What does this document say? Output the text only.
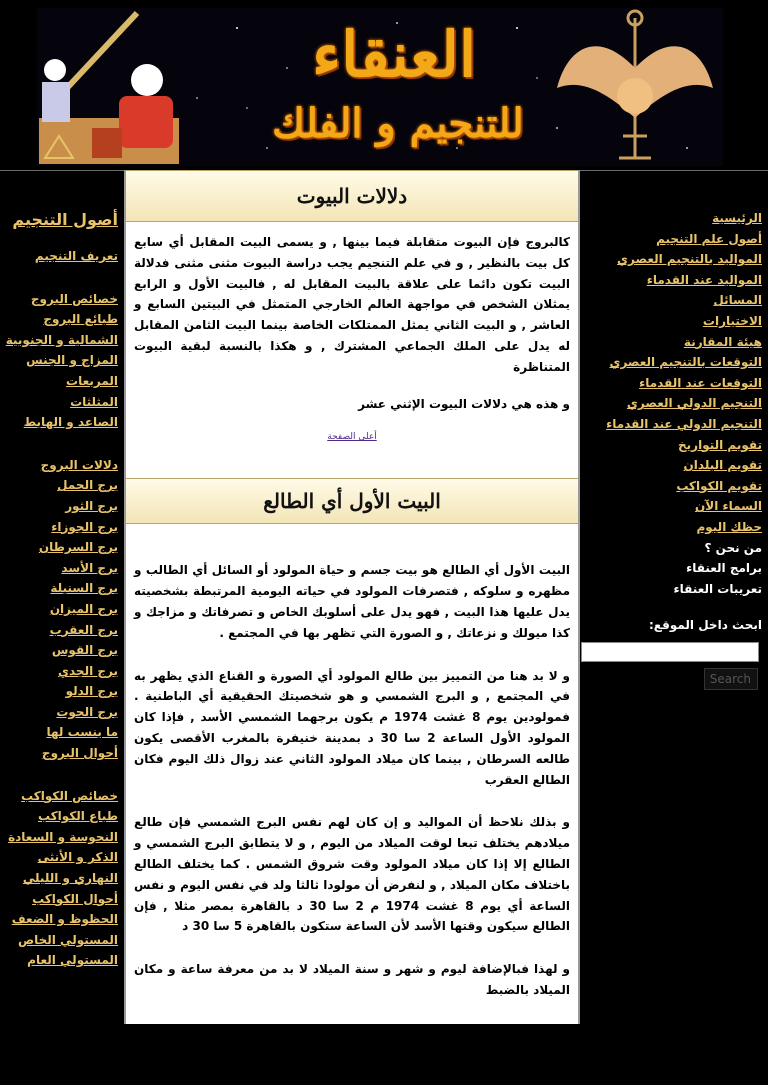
العنقاء
للتنجيم و الفلك
أصول التنجيم
تعريف التنجيم
خصائص البروج
طبائع البروج
الشمالية و الجنوبية
المزاج و الجنس
المربعات
المثلثات
الصاعد و الهابط
دلالات البروج
برج الحمل
برج الثور
برج الجوزاء
برج السرطان
برج الأسد
برج السنبلة
برج الميزان
برج العقرب
برج القوس
برج الجدي
برج الدلو
برج الحوت
ما ينسب لها
أحوال البروج
خصائص الكواكب
طباع الكواكب
النحوسة و السعادة
الذكر و الأنثى
النهاري و الليلي
أحوال الكواكب
الحظوظ و الضعف
المستولي الخاص
المستولي العام
الرئيسية
أصول علم التنجيم
المواليد بالتنجيم العصري
المواليد عند القدماء
المسائل
الاختيارات
هيئة المقارنة
التوقعات بالتنجيم العصري
التوقعات عند القدماء
التنجيم الدولي العصري
التنجيم الدولي عند القدماء
تقويم التواريخ
تقويم البلدان
تقويم الكواكب
السماء الآن
حظك اليوم
من نحن ؟
برامج العنقاء
تعريبات العنقاء
ابحث داخل الموقع:
Search
دلالات البيوت

كالبروج فإن البيوت متقابلة فيما بينها , و يسمى البيت المقابل أي سابع كل بيت بالنظير , و في علم التنجيم يجب دراسة البيوت مثنى مثنى فدلالة البيت تكون دائما على علاقة بالبيت المقابل له , فالبيت الأول و الرابع يمثلان الشخص في مواجهة العالم الخارجي المتمثل في البيتين السابع و العاشر , و البيت الثاني يمثل الممتلكات الخاصة بينما البيت الثامن المقابل له يدل على الملك الجماعي المشترك , و هكذا بالنسبة لبقية البيوت المتناظرة

و هذه هي دلالات البيوت الإثني عشر

أعلى الصفحة
البيت الأول أي الطالع

البيت الأول أي الطالع هو بيت جسم و حياة المولود أو السائل أي الطالب و مظهره و سلوكه , فتصرفات المولود في حياته اليومية المرتبطة بشخصيته يدل عليها هذا البيت , فهو يدل على أسلوبك الخاص و تصرفاتك و مزاجك و كذا ميولك و نزعاتك , و الصورة التي تظهر بها في المجتمع .

و لا بد هنا من التمييز بين طالع المولود أي الصورة و القناع الذي يظهر به في المجتمع , و البرج الشمسي و هو شخصيتك الحقيقية أي الباطنية . فمولودين يوم 8 غشت 1974 م يكون برجهما الشمسي الأسد , فإذا كان المولود الأول الساعة 2 سا 30 د بمدينة خنيفرة بالمغرب الأقصى يكون طالعه السرطان , بينما كان ميلاد المولود الثاني عند زوال ذلك اليوم فكان الطالع العقرب

و بذلك نلاحظ أن المواليد و إن كان لهم نفس البرج الشمسي فإن طالع ميلادهم يختلف تبعا لوقت الميلاد من اليوم , و لا يتطابق البرج الشمسي و الطالع إلا إذا كان ميلاد المولود وقت شروق الشمس . كما يختلف الطالع باختلاف مكان الميلاد , و لنفرض أن مولودا ثالثا ولد في نفس اليوم و نفس الساعة أي يوم 8 غشت 1974 م 2 سا 30 د بالقاهرة بمصر مثلا , فإن الطالع سيكون وقتها الأسد لأن الساعة ستكون بالقاهرة 5 سا 30 د

و لهذا فبالإضافة ليوم و شهر و سنة الميلاد لا بد من معرفة ساعة و مكان الميلاد بالضبط

و البيت الأول يدل على جسم المولود و ردود فعله الجسدية أي أخلاقه و طفولته , و هو يدل كثيرا على الصحة , و على أول انطباع تعطيه , و كيف تبدأ الأمور و الصورة التي
